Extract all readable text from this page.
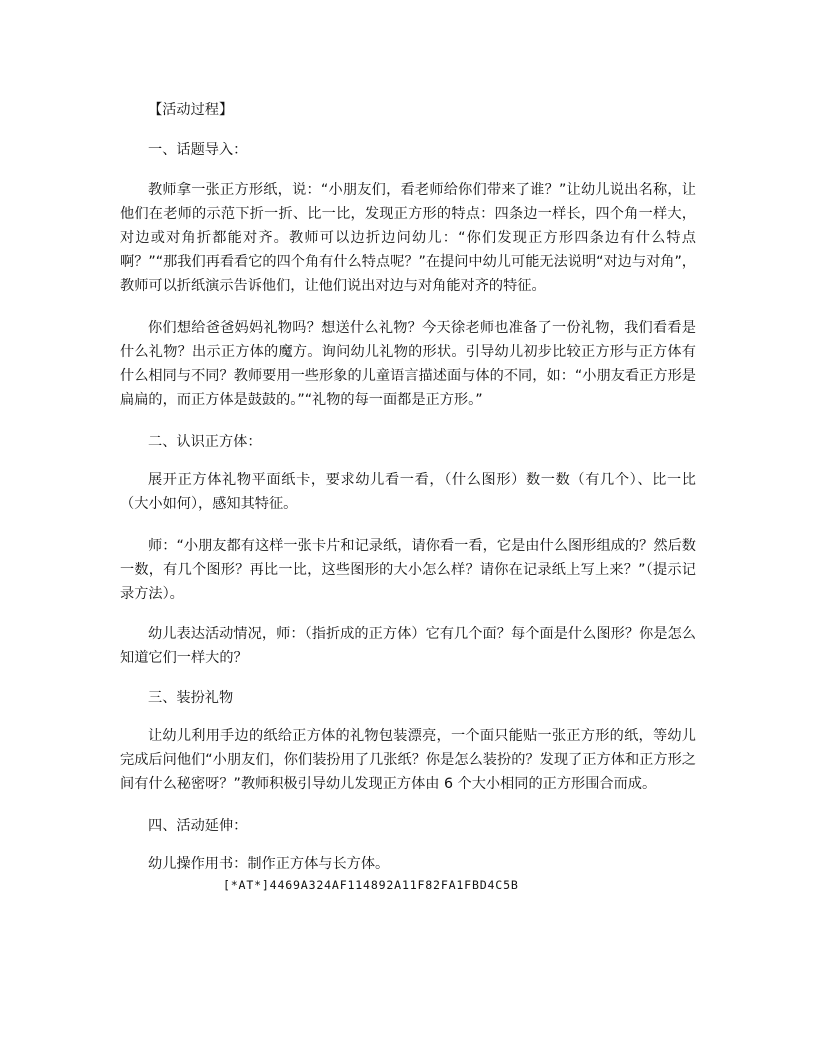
【活动过程】

一、话题导入：

教师拿一张正方形纸，说：“小朋友们，看老师给你们带来了谁？”让幼儿说出名称，让他们在老师的示范下折一折、比一比，发现正方形的特点：四条边一样长，四个角一样大，对边或对角折都能对齐。教师可以边折边问幼儿：“你们发现正方形四条边有什么特点啊？”“那我们再看看它的四个角有什么特点呢？”在提问中幼儿可能无法说明“对边与对角”，教师可以折纸演示告诉他们，让他们说出对边与对角能对齐的特征。

你们想给爸爸妈妈礼物吗？想送什么礼物？今天徐老师也准备了一份礼物，我们看看是什么礼物？出示正方体的魔方。询问幼儿礼物的形状。引导幼儿初步比较正方形与正方体有什么相同与不同？教师要用一些形象的儿童语言描述面与体的不同，如：“小朋友看正方形是扁扁的，而正方体是鼓鼓的。”“礼物的每一面都是正方形。”

二、认识正方体：

展开正方体礼物平面纸卡，要求幼儿看一看，（什么图形）数一数（有几个）、比一比（大小如何），感知其特征。

师：“小朋友都有这样一张卡片和记录纸，请你看一看，它是由什么图形组成的？然后数一数，有几个图形？再比一比，这些图形的大小怎么样？请你在记录纸上写上来？”（提示记录方法）。

幼儿表达活动情况，师：（指折成的正方体）它有几个面？每个面是什么图形？你是怎么知道它们一样大的？

三、装扮礼物

让幼儿利用手边的纸给正方体的礼物包装漂亮，一个面只能贴一张正方形的纸，等幼儿完成后问他们“小朋友们，你们装扮用了几张纸？你是怎么装扮的？发现了正方体和正方形之间有什么秘密呀？”教师积极引导幼儿发现正方体由 6 个大小相同的正方形围合而成。

四、活动延伸：

幼儿操作用书：制作正方体与长方体。

[*AT*]4469A324AF114892A11F82FA1FBD4C5B
